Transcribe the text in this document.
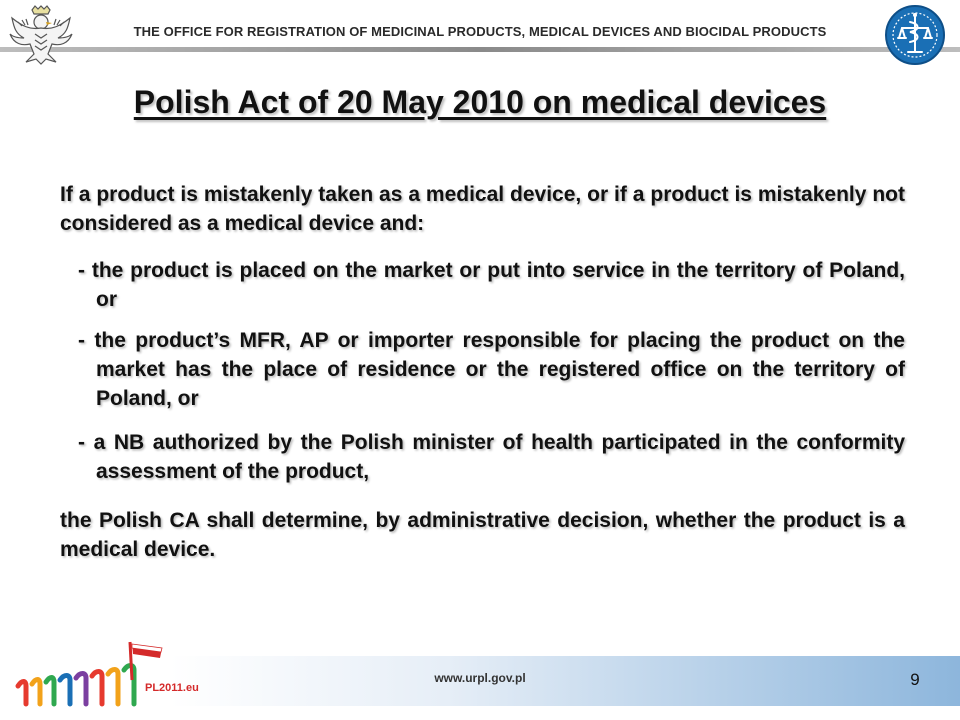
THE OFFICE FOR REGISTRATION OF MEDICINAL PRODUCTS, MEDICAL DEVICES AND BIOCIDAL PRODUCTS
Polish Act of 20 May 2010 on medical devices
If a product is mistakenly taken as a medical device, or if a product is mistakenly not considered as a medical device and:
- the product is placed on the market or put into service in the territory of Poland, or
- the product’s MFR, AP or importer responsible for placing the product on the market has the place of residence or the registered office on the territory of Poland, or
- a NB authorized by the Polish minister of health participated in the conformity assessment of the product,
the Polish CA shall determine, by administrative decision, whether the product is a medical device.
www.urpl.gov.pl	9
PL2011.eu
